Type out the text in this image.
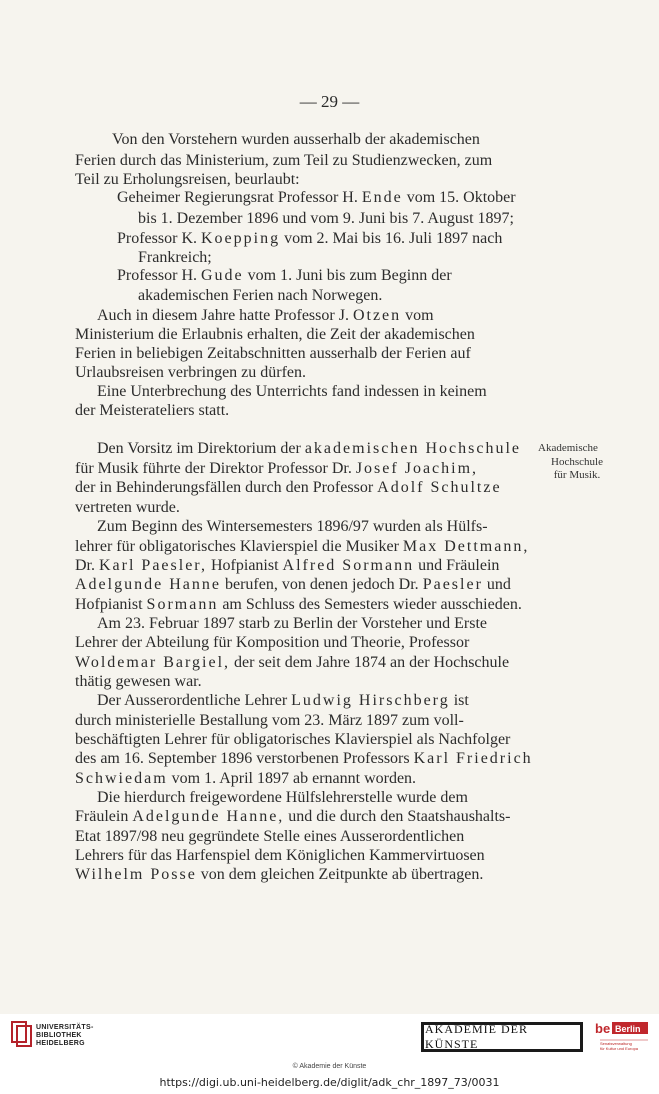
— 29 —
Von den Vorstehern wurden ausserhalb der akademischen
Ferien durch das Ministerium, zum Teil zu Studienzwecken, zum
Teil zu Erholungsreisen, beurlaubt:
Geheimer Regierungsrat Professor H. Ende vom 15. Oktober
bis 1. Dezember 1896 und vom 9. Juni bis 7. August 1897;
Professor K. Koepping vom 2. Mai bis 16. Juli 1897 nach
Frankreich;
Professor H. Gude vom 1. Juni bis zum Beginn der
akademischen Ferien nach Norwegen.
Auch in diesem Jahre hatte Professor J. Otzen vom
Ministerium die Erlaubnis erhalten, die Zeit der akademischen
Ferien in beliebigen Zeitabschnitten ausserhalb der Ferien auf
Urlaubsreisen verbringen zu dürfen.
Eine Unterbrechung des Unterrichts fand indessen in keinem
der Meisterateliers statt.
Den Vorsitz im Direktorium der akademischen Hochschule
für Musik führte der Direktor Professor Dr. Josef Joachim,
der in Behinderungsfällen durch den Professor Adolf Schultze
vertreten wurde.
Akademische
Hochschule
für Musik.
Zum Beginn des Wintersemesters 1896/97 wurden als Hülfs-
lehrer für obligatorisches Klavierspiel die Musiker Max Dettmann,
Dr. Karl Paesler, Hofpianist Alfred Sormann und Fräulein
Adelgunde Hanne berufen, von denen jedoch Dr. Paesler und
Hofpianist Sormann am Schluss des Semesters wieder ausschieden.
Am 23. Februar 1897 starb zu Berlin der Vorsteher und Erste
Lehrer der Abteilung für Komposition und Theorie, Professor
Woldemar Bargiel, der seit dem Jahre 1874 an der Hochschule
thätig gewesen war.
Der Ausserordentliche Lehrer Ludwig Hirschberg ist
durch ministerielle Bestallung vom 23. März 1897 zum voll-
beschäftigten Lehrer für obligatorisches Klavierspiel als Nachfolger
des am 16. September 1896 verstorbenen Professors Karl Friedrich
Schwiedam vom 1. April 1897 ab ernannt worden.
Die hierdurch freigewordene Hülfslehrerstelle wurde dem
Fräulein Adelgunde Hanne, und die durch den Staatshaushalts-
Etat 1897/98 neu gegründete Stelle eines Ausserordentlichen
Lehrers für das Harfenspiel dem Königlichen Kammervirtuosen
Wilhelm Posse von dem gleichen Zeitpunkte ab übertragen.
UNIVERSITÄTS-
BIBLIOTHEK
HEIDELBERG
AKADEMIE DER KÜNSTE
be Berlin
Senatsverwaltung
für Kultur und Europa
© Akademie der Künste
https://digi.ub.uni-heidelberg.de/diglit/adk_chr_1897_73/0031
